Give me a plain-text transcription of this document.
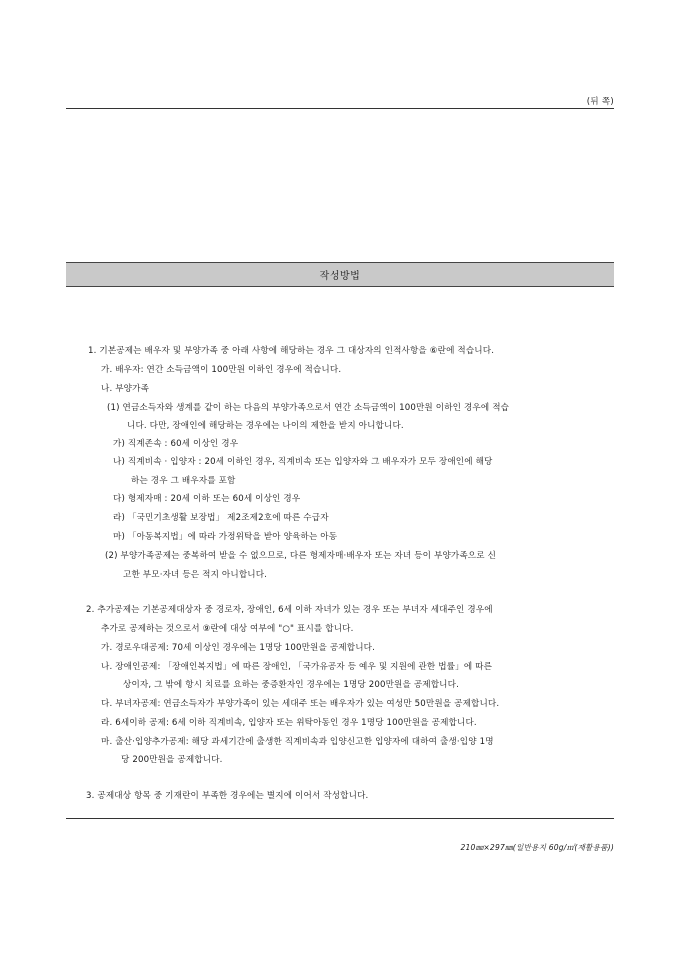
(뒤 쪽)
작성방법
1. 기본공제는 배우자 및 부양가족 중 아래 사항에 해당하는 경우 그 대상자의 인적사항을 ⑥란에 적습니다.
가. 배우자: 연간 소득금액이 100만원 이하인 경우에 적습니다.
나. 부양가족
(1) 연금소득자와 생계를 같이 하는 다음의 부양가족으로서 연간 소득금액이 100만원 이하인 경우에 적습
니다. 다만, 장애인에 해당하는 경우에는 나이의 제한을 받지 아니합니다.
가) 직계존속 : 60세 이상인 경우
나) 직계비속 · 입양자 : 20세 이하인 경우, 직계비속 또는 입양자와 그 배우자가 모두 장애인에 해당
하는 경우 그 배우자를 포함
다) 형제자매 : 20세 이하 또는 60세 이상인 경우
라) 「국민기초생활 보장법」 제2조제2호에 따른 수급자
마) 「아동복지법」에 따라 가정위탁을 받아 양육하는 아동
(2) 부양가족공제는 중복하여 받을 수 없으므로, 다른 형제자매·배우자 또는 자녀 등이 부양가족으로 신
고한 부모·자녀 등은 적지 아니합니다.
2. 추가공제는 기본공제대상자 중 경로자, 장애인, 6세 이하 자녀가 있는 경우 또는 부녀자 세대주인 경우에
추가로 공제하는 것으로서 ⑨란에 대상 여부에 "○" 표시를 합니다.
가. 경로우대공제: 70세 이상인 경우에는 1명당 100만원을 공제합니다.
나. 장애인공제: 「장애인복지법」에 따른 장애인, 「국가유공자 등 예우 및 지원에 관한 법률」에 따른
상이자, 그 밖에 항시 치료를 요하는 중증환자인 경우에는 1명당 200만원을 공제합니다.
다. 부녀자공제: 연금소득자가 부양가족이 있는 세대주 또는 배우자가 있는 여성만 50만원을 공제합니다.
라. 6세이하 공제: 6세 이하 직계비속, 입양자 또는 위탁아동인 경우 1명당 100만원을 공제합니다.
마. 출산·입양추가공제: 해당 과세기간에 출생한 직계비속과 입양신고한 입양자에 대하여 출생·입양 1명
당 200만원을 공제합니다.
3. 공제대상 항목 중 기재란이 부족한 경우에는 별지에 이어서 작성합니다.
210㎜×297㎜(일반용지 60g/㎡(재활용품))
